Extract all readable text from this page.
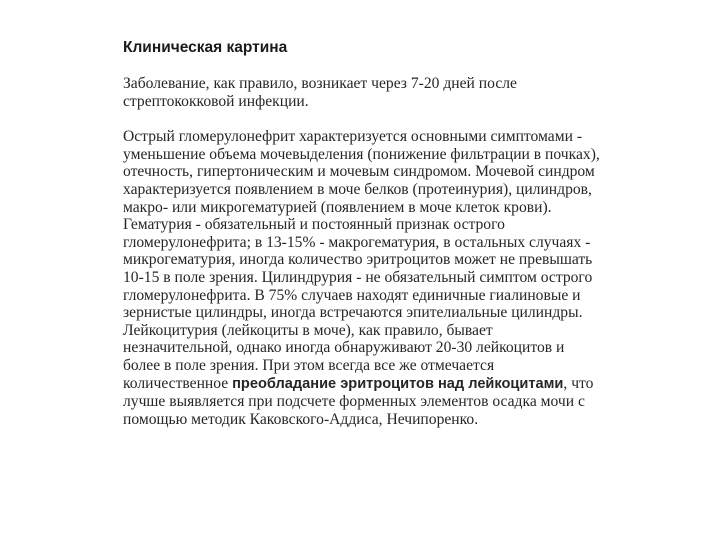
Клиническая картина

Заболевание, как правило, возникает через 7-20 дней после стрептококковой инфекции.

Острый гломерулонефрит характеризуется основными симптомами - уменьшение объема мочевыделения (понижение фильтрации в почках), отечность, гипертоническим и мочевым синдромом. Мочевой синдром характеризуется появлением в моче белков (протеинурия), цилиндров, макро- или микрогематурией (появлением в моче клеток крови).

Гематурия - обязательный и постоянный признак острого гломерулонефрита; в 13-15% - макрогематурия, в остальных случаях - микрогематурия, иногда количество эритроцитов может не превышать 10-15 в поле зрения. Цилиндрурия - не обязательный симптом острого гломерулонефрита. В 75% случаев находят единичные гиалиновые и зернистые цилиндры, иногда встречаются эпителиальные цилиндры. Лейкоцитурия (лейкоциты в моче), как правило, бывает незначительной, однако иногда обнаруживают 20-30 лейкоцитов и более в поле зрения. При этом всегда все же отмечается количественное преобладание эритроцитов над лейкоцитами, что лучше выявляется при подсчете форменных элементов осадка мочи с помощью методик Каковского-Аддиса, Нечипоренко.
